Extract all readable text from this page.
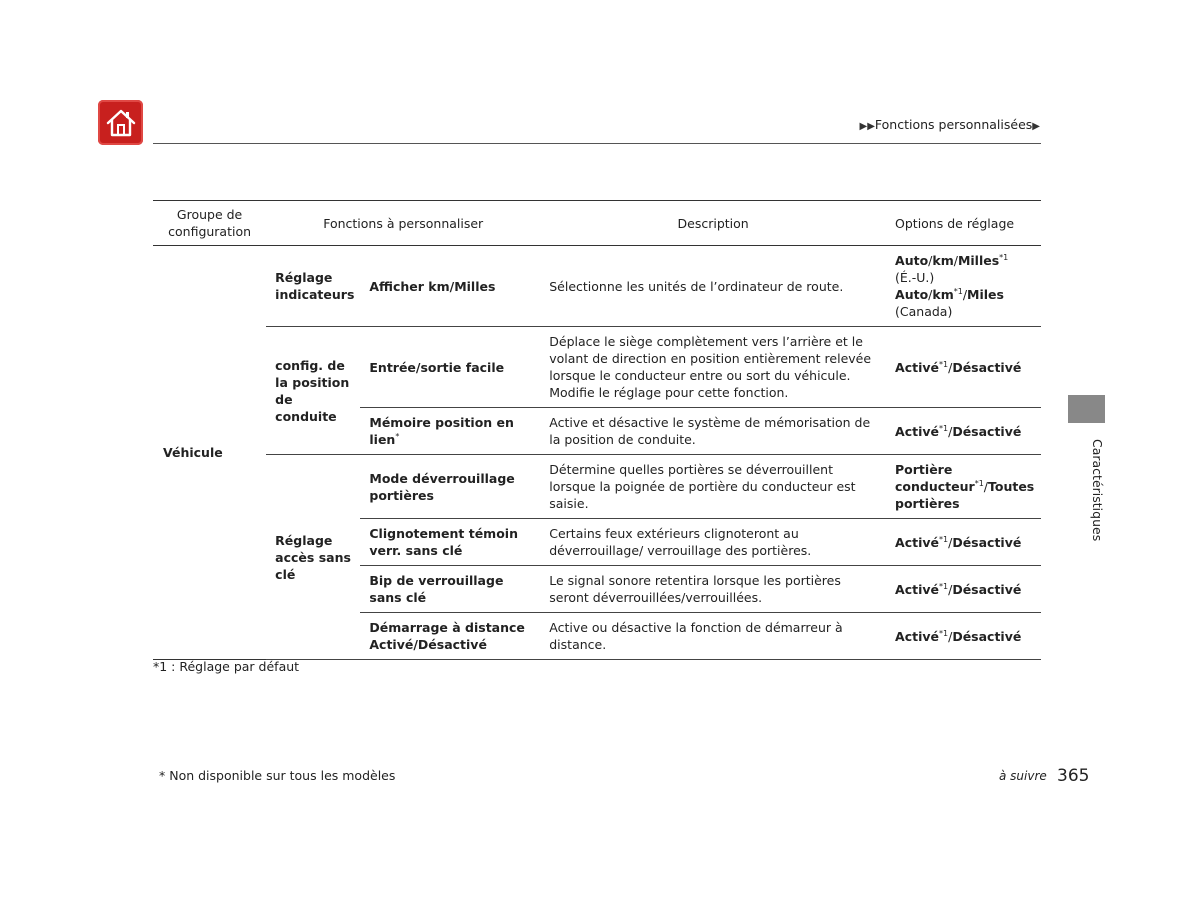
▶▶Fonctions personnalisées▶
Caractéristiques
Groupe de configuration	Fonctions à personnaliser		Description	Options de réglage
Véhicule	Réglage indicateurs	Afficher km/Milles	Sélectionne les unités de l’ordinateur de route.	Auto/km/Milles$^{*1}$
(É.-U.)
Auto/$km^{*1}$/Miles
(Canada)
	config. de la position de conduite	Entrée/sortie facile	Déplace le siège complètement vers l’arrière et le volant de direction en position entièrement relevée lorsque le conducteur entre ou sort du véhicule. Modifie le réglage pour cette fonction.	Activé$^{*1}$/Désactivé
		Mémoire position en lien*	Active et désactive le système de mémorisation de la position de conduite.	Activé$^{*1}$/Désactivé
	Réglage accès sans clé	Mode déverrouillage portières	Détermine quelles portières se déverrouillent lorsque la poignée de portière du conducteur est saisie.	Portière conducteur$^{*1}$/Toutes portières
		Clignotement témoin verr. sans clé	Certains feux extérieurs clignoteront au déverrouillage/ verrouillage des portières.	Activé$^{*1}$/Désactivé
		Bip de verrouillage sans clé	Le signal sonore retentira lorsque les portières seront déverrouillées/verrouillées.	Activé$^{*1}$/Désactivé
		Démarrage à distance Activé/Désactivé	Active ou désactive la fonction de démarreur à distance.	Activé$^{*1}$/Désactivé
*1 : Réglage par défaut
* Non disponible sur tous les modèles	à suivre 365
